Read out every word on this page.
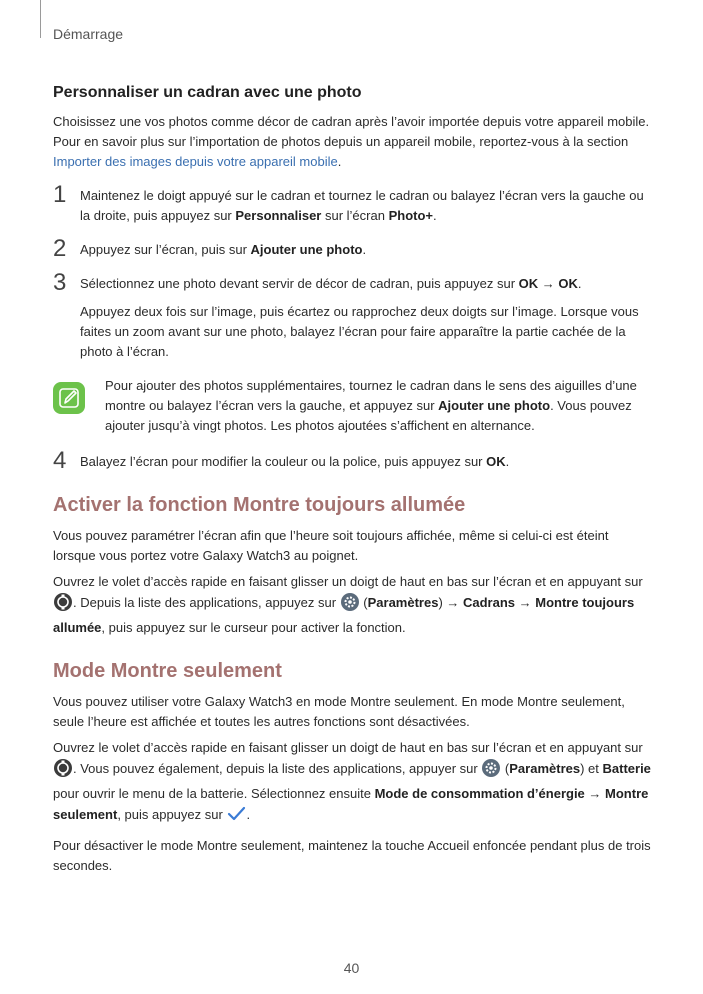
Démarrage
Personnaliser un cadran avec une photo

Choisissez une vos photos comme décor de cadran après l’avoir importée depuis votre appareil mobile. Pour en savoir plus sur l’importation de photos depuis un appareil mobile, reportez-vous à la section Importer des images depuis votre appareil mobile.

1 Maintenez le doigt appuyé sur le cadran et tournez le cadran ou balayez l’écran vers la gauche ou la droite, puis appuyez sur Personnaliser sur l’écran Photo+.

2 Appuyez sur l’écran, puis sur Ajouter une photo.

3 Sélectionnez une photo devant servir de décor de cadran, puis appuyez sur OK → OK.

Appuyez deux fois sur l’image, puis écartez ou rapprochez deux doigts sur l’image. Lorsque vous faites un zoom avant sur une photo, balayez l’écran pour faire apparaître la partie cachée de la photo à l’écran.

Pour ajouter des photos supplémentaires, tournez le cadran dans le sens des aiguilles d’une montre ou balayez l’écran vers la gauche, et appuyez sur Ajouter une photo. Vous pouvez ajouter jusqu’à vingt photos. Les photos ajoutées s’affichent en alternance.

4 Balayez l’écran pour modifier la couleur ou la police, puis appuyez sur OK.

Activer la fonction Montre toujours allumée

Vous pouvez paramétrer l’écran afin que l’heure soit toujours affichée, même si celui-ci est éteint lorsque vous portez votre Galaxy Watch3 au poignet.

Ouvrez le volet d’accès rapide en faisant glisser un doigt de haut en bas sur l’écran et en appuyant sur . Depuis la liste des applications, appuyez sur  (Paramètres) → Cadrans → Montre toujours allumée, puis appuyez sur le curseur pour activer la fonction.

Mode Montre seulement

Vous pouvez utiliser votre Galaxy Watch3 en mode Montre seulement. En mode Montre seulement, seule l’heure est affichée et toutes les autres fonctions sont désactivées.

Ouvrez le volet d’accès rapide en faisant glisser un doigt de haut en bas sur l’écran et en appuyant sur . Vous pouvez également, depuis la liste des applications, appuyer sur  (Paramètres) et Batterie pour ouvrir le menu de la batterie. Sélectionnez ensuite Mode de consommation d’énergie → Montre seulement, puis appuyez sur .

Pour désactiver le mode Montre seulement, maintenez la touche Accueil enfoncée pendant plus de trois secondes.

40
